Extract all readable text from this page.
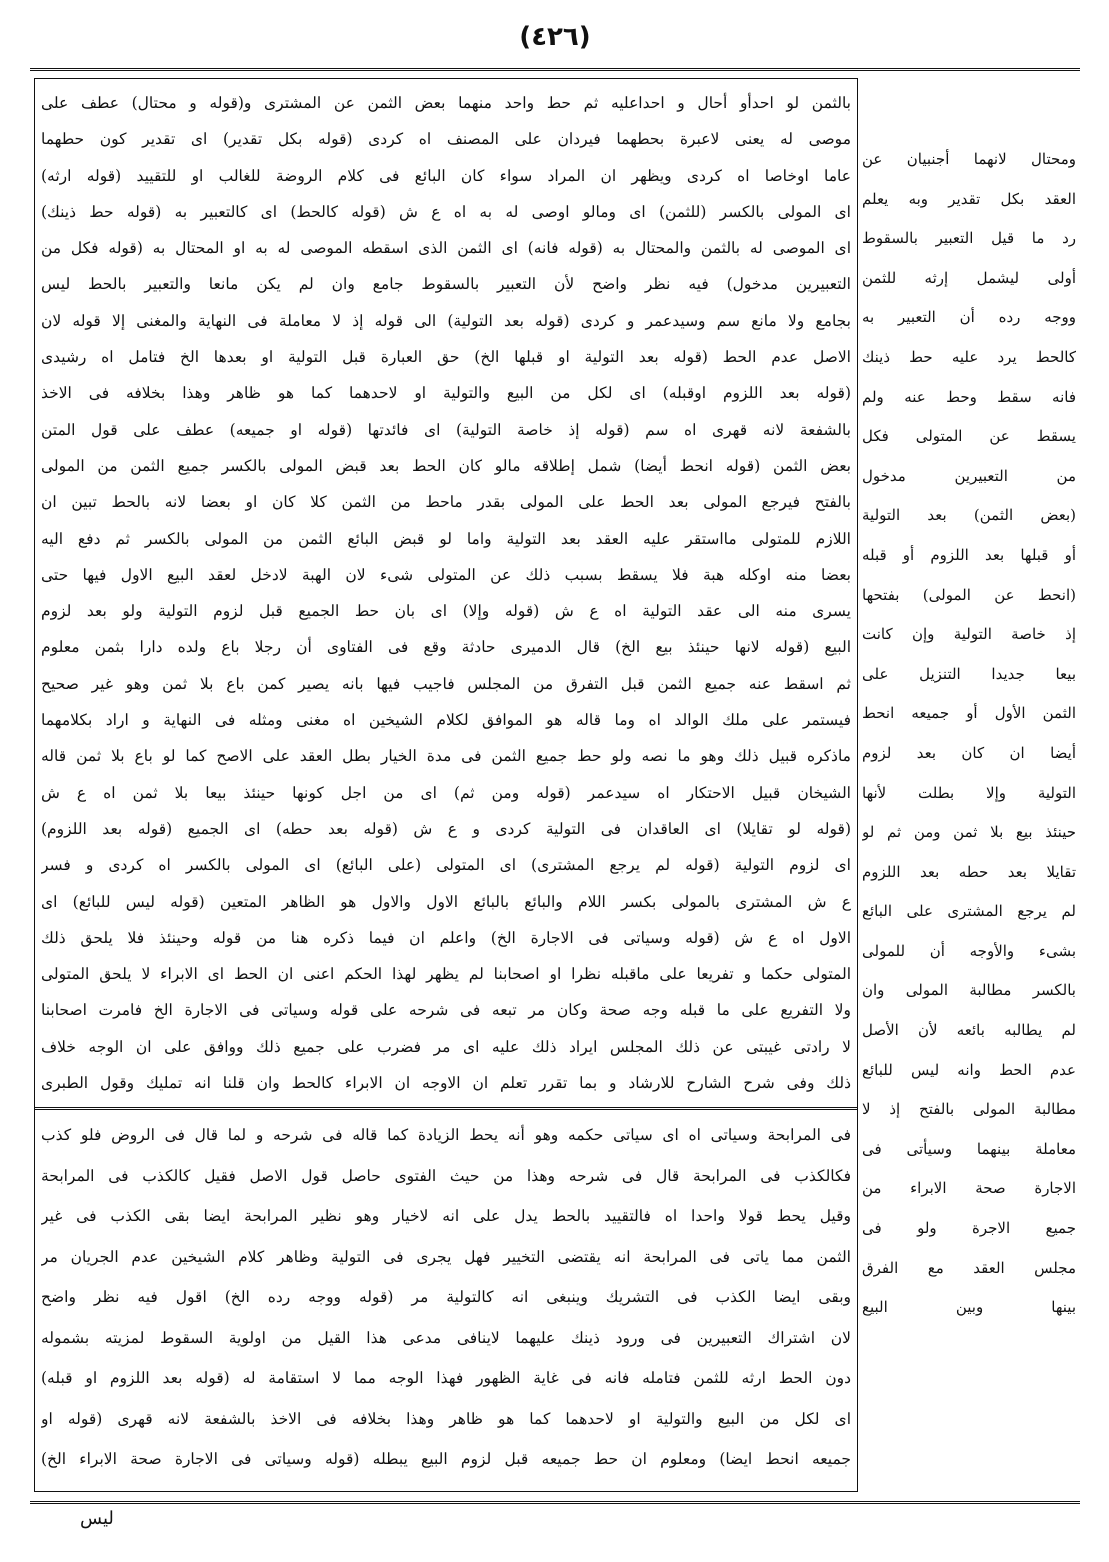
(٤٢٦)
بالثمن لو احدأو أحال و احداعليه ثم حط واحد منهما بعض الثمن عن المشترى و(قوله و محتال) عطف على
موصى له يعنى لاعبرة بحطهما فيردان على المصنف اه كردى (قوله بكل تقدير) اى تقدير كون حطهما
عاما اوخاصا اه كردى ويظهر ان المراد سواء كان البائع فى كلام الروضة للغالب او للتقييد (قوله ارثه)
اى المولى بالكسر (للثمن) اى ومالو اوصى له به اه ع ش (قوله كالحط) اى كالتعبير به (قوله حط ذينك)
اى الموصى له بالثمن والمحتال به (قوله فانه) اى الثمن الذى اسقطه الموصى له به او المحتال به (قوله فكل من
التعبيرين مدخول) فيه نظر واضح لأن التعبير بالسقوط جامع وان لم يكن مانعا والتعبير بالحط ليس
بجامع ولا مانع سم وسيدعمر و كردى (قوله بعد التولية) الى قوله إذ لا معاملة فى النهاية والمغنى إلا قوله لان
الاصل عدم الحط (قوله بعد التولية او قبلها الخ) حق العبارة قبل التولية او بعدها الخ فتامل اه رشيدى
(قوله بعد اللزوم اوقبله) اى لكل من البيع والتولية او لاحدهما كما هو ظاهر وهذا بخلافه فى الاخذ
بالشفعة لانه قهرى اه سم (قوله إذ خاصة التولية) اى فائدتها (قوله او جميعه) عطف على قول المتن
بعض الثمن (قوله انحط أيضا) شمل إطلاقه مالو كان الحط بعد قبض المولى بالكسر جميع الثمن من المولى
بالفتح فيرجع المولى بعد الحط على المولى بقدر ماحط من الثمن كلا كان او بعضا لانه بالحط تبين ان
اللازم للمتولى مااستقر عليه العقد بعد التولية واما لو قبض البائع الثمن من المولى بالكسر ثم دفع اليه
بعضا منه اوكله هبة فلا يسقط بسبب ذلك عن المتولى شىء لان الهبة لادخل لعقد البيع الاول فيها حتى
يسرى منه الى عقد التولية اه ع ش (قوله وإلا) اى بان حط الجميع قبل لزوم التولية ولو بعد لزوم
البيع (قوله لانها حينئذ بيع الخ) قال الدميرى حادثة وقع فى الفتاوى أن رجلا باع ولده دارا بثمن معلوم
ثم اسقط عنه جميع الثمن قبل التفرق من المجلس فاجيب فيها بانه يصير كمن باع بلا ثمن وهو غير صحيح
فيستمر على ملك الوالد اه وما قاله هو الموافق لكلام الشيخين اه مغنى ومثله فى النهاية و اراد بكلامهما
ماذكره قبيل ذلك وهو ما نصه ولو حط جميع الثمن فى مدة الخيار بطل العقد على الاصح كما لو باع بلا ثمن قاله
الشيخان قبيل الاحتكار اه سيدعمر (قوله ومن ثم) اى من اجل كونها حينئذ بيعا بلا ثمن اه ع ش
(قوله لو تقايلا) اى العاقدان فى التولية كردى و ع ش (قوله بعد حطه) اى الجميع (قوله بعد اللزوم)
اى لزوم التولية (قوله لم يرجع المشترى) اى المتولى (على البائع) اى المولى بالكسر اه كردى و فسر
ع ش المشترى بالمولى بكسر اللام والبائع بالبائع الاول والاول هو الظاهر المتعين (قوله ليس للبائع) اى
الاول اه ع ش (قوله وسياتى فى الاجارة الخ) واعلم ان فيما ذكره هنا من قوله وحينئذ فلا يلحق ذلك
المتولى حكما و تفريعا على ماقبله نظرا او اصحابنا لم يظهر لهذا الحكم اعنى ان الحط اى الابراء لا يلحق المتولى
ولا التفريع على ما قبله وجه صحة وكان مر تبعه فى شرحه على قوله وسياتى فى الاجارة الخ فامرت اصحابنا
لا رادتى غيبتى عن ذلك المجلس ايراد ذلك عليه اى مر فضرب على جميع ذلك ووافق على ان الوجه خلاف
ذلك وفى شرح الشارح للارشاد و بما تقرر تعلم ان الاوجه ان الابراء كالحط وان قلنا انه تمليك وقول الطبرى
فى المرابحة وسياتى اه اى سياتى حكمه وهو أنه يحط الزيادة كما قاله فى شرحه و لما قال فى الروض فلو كذب
فكالكذب فى المرابحة قال فى شرحه وهذا من حيث الفتوى حاصل قول الاصل فقيل كالكذب فى المرابحة
وقيل يحط قولا واحدا اه فالتقييد بالحط يدل على انه لاخيار وهو نظير المرابحة ايضا بقى الكذب فى غير
الثمن مما ياتى فى المرابحة انه يقتضى التخيير فهل يجرى فى التولية وظاهر كلام الشيخين عدم الجريان مر
وبقى ايضا الكذب فى التشريك وينبغى انه كالتولية مر (قوله ووجه رده الخ) اقول فيه نظر واضح
لان اشتراك التعبيرين فى ورود ذينك عليهما لاينافى مدعى هذا القيل من اولوية السقوط لمزيته بشموله
دون الحط ارثه للثمن فتامله فانه فى غاية الظهور فهذا الوجه مما لا استقامة له (قوله بعد اللزوم او قبله)
اى لكل من البيع والتولية او لاحدهما كما هو ظاهر وهذا بخلافه فى الاخذ بالشفعة لانه قهرى (قوله او
جميعه انحط ايضا) ومعلوم ان حط جميعه قبل لزوم البيع يبطله (قوله وسياتى فى الاجارة صحة الابراء الخ)
ومحتال لانهما أجنبيان عن
العقد بكل تقدير وبه يعلم
رد ما قيل التعبير بالسقوط
أولى ليشمل إرثه للثمن
ووجه رده أن التعبير به
كالحط يرد عليه حط ذينك
فانه سقط وحط عنه ولم
يسقط عن المتولى فكل
من التعبيرين مدخول
(بعض الثمن) بعد التولية
أو قبلها بعد اللزوم أو قبله
(انحط عن المولى) بفتحها
إذ خاصة التولية وإن كانت
بيعا جديدا التنزيل على
الثمن الأول أو جميعه انحط
أيضا ان كان بعد لزوم
التولية وإلا بطلت لأنها
حينئذ بيع بلا ثمن ومن ثم لو
تقايلا بعد حطه بعد اللزوم
لم يرجع المشترى على البائع
بشىء والأوجه أن للمولى
بالكسر مطالبة المولى وان
لم يطالبه بائعه لأن الأصل
عدم الحط وانه ليس للبائع
مطالبة المولى بالفتح إذ لا
معاملة بينهما وسيأتى فى
الاجارة صحة الابراء من
جميع الاجرة ولو فى
مجلس العقد مع الفرق
بينها وبين البيع
ليس
